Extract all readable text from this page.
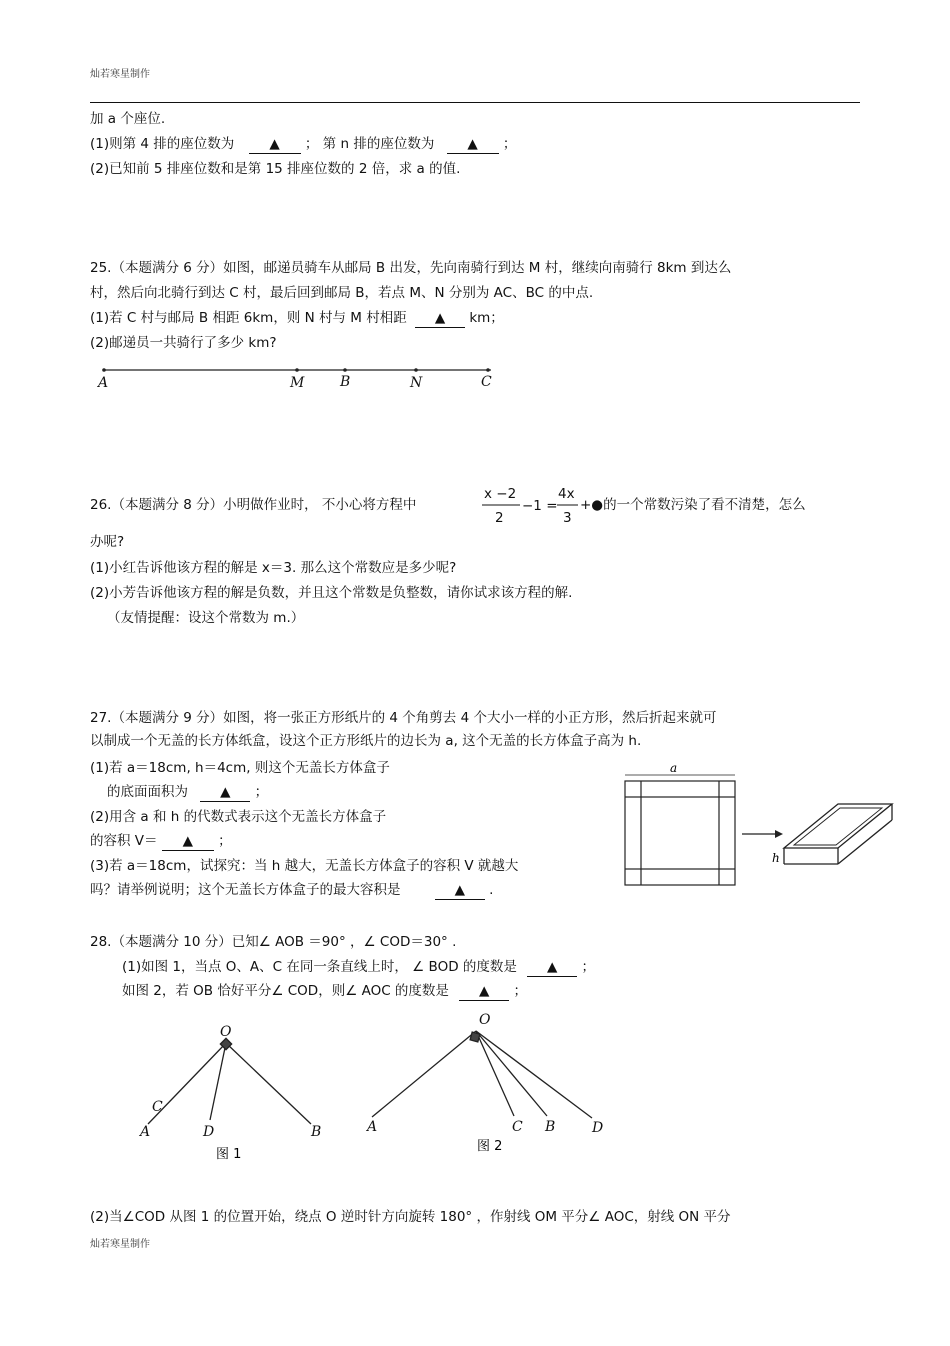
灿若寒星制作
加 a 个座位.
(1)则第 4 排的座位数为	▲ ； 第 n 排的座位数为 ▲ ；
(2)已知前 5 排座位数和是第 15 排座位数的 2 倍，求 a 的值.
25.（本题满分 6 分）如图，邮递员骑车从邮局 B 出发，先向南骑行到达 M 村，继续向南骑行 8km 到达么
村，然后向北骑行到达 C 村，最后回到邮局 B，若点 M、N 分别为 AC、BC 的中点.
(1)若 C 村与邮局 B 相距 6km，则 N 村与 M 村相距 ▲ km；
(2)邮递员一共骑行了多少 km?
A	M	B	N	C
a
h
O
C
A	D	B
图 1
O
A	C B	D
图 2
26.（本题满分 8 分）小明做作业时， 不小心将方程中
x −2
2
−1 =
4x
3
+●的一个常数污染了看不清楚，怎么
办呢?
(1)小红告诉他该方程的解是 x＝3. 那么这个常数应是多少呢?
(2)小芳告诉他该方程的解是负数，并且这个常数是负整数，请你试求该方程的解.
（友情提醒：设这个常数为 m.）
27.（本题满分 9 分）如图，将一张正方形纸片的 4 个角剪去 4 个大小一样的小正方形，然后折起来就可
以制成一个无盖的长方体纸盒，设这个正方形纸片的边长为 a, 这个无盖的长方体盒子高为 h.
(1)若 a＝18cm, h＝4cm, 则这个无盖长方体盒子
的底面面积为 ▲ ；
(2)用含 a 和 h 的代数式表示这个无盖长方体盒子
的容积 V＝ ▲ ；
(3)若 a＝18cm，试探究：当 h 越大，无盖长方体盒子的容积 V 就越大
吗？请举例说明；这个无盖长方体盒子的最大容积是	▲ .
28.（本题满分 10 分）已知∠ AOB ＝90° ，∠ COD＝30° .
(1)如图 1，当点 O、A、C 在同一条直线上时， ∠ BOD 的度数是 ▲ ；
如图 2，若 OB 恰好平分∠ COD，则∠ AOC 的度数是 ▲ ；
(2)当∠COD 从图 1 的位置开始，绕点 O 逆时针方向旋转 180° ，作射线 OM 平分∠ AOC，射线 ON 平分
灿若寒星制作
